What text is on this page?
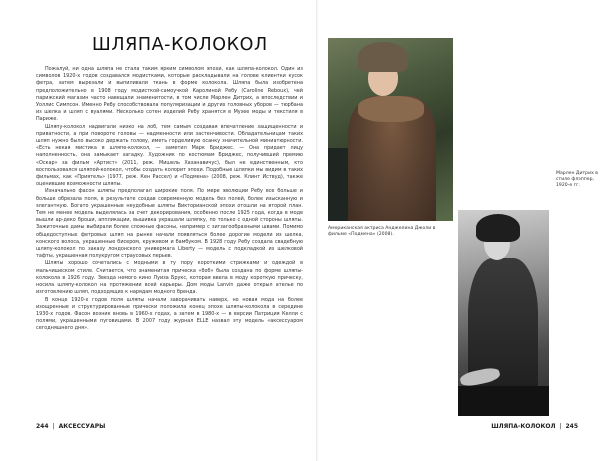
ШЛЯПА-КОЛОКОЛ

Пожалуй, ни одна шляпа не стала таким ярким символом эпохи, как шляпа-колокол. Один из символов 1920-х годов создавался модистками, которые раскладывали на голове клиентки кусок фетра, затем вырезали и выпиливали ткань в форме колокола. Шляпа была изобретена предположительно в 1908 году модисткой-самоучкой Каролиной Ребу (Caroline Reboux), чей парижский магазин часто навещали знаменитости, в том числе Марлен Дитрих, а впоследствии и Уоллис Симпсон. Именно Ребу способствовала популяризации и других головных уборов — тюрбана из шелка и шляп с вуалями. Несколько сотен изделий Ребу хранятся в Музее моды и текстиля в Париже.

Шляпу-колокол надвигали низко на лоб, тем самым создавая впечатление защищенности и приватности, а при повороте головы — надменности или застенчивости. Обладательницам таких шляп нужно было высоко держать голову, иметь горделивую осанку значительной миниатюрности. «Есть некая мистика в шляпе-колокол, — заметил Марк Бриджес. — Она придает лицу наполненность, она замыкает загадку. Художник по костюмам Бриджес, получивший премию «Оскар» за фильм «Артист» (2011, реж. Мишель Хазанавичус), был не единственным, кто воспользовался шляпой-колокол, чтобы создать колорит эпохи. Подобные шляпки мы видим в таких фильмах, как «Приятель» (1977, реж. Кен Рассел) и «Подмена» (2008, реж. Клинт Иствуд), также оценившие возможности шляпы.

Изначально фасон шляпы предполагал широкие поля. По мере эволюции Ребу все больше и больше обрезала поля, в результате создав современную модель без полей, более изысканную и элегантную. Богато украшенные неудобные шляпы Викторианской эпохи отошли на второй план. Тем не менее модель выделялась за счет декорирования, особенно после 1925 года, когда в моде вышли ар-деко броши, аппликации, вышивка украшали шляпку, по только с одной стороны шляпы. Зажиточные дамы выбирали более сложные фасоны, например с зигзагообразными швами. Помимо общедоступных фетровых шляп на рынке начали появляться более дорогие модели из шелка, конского волоса, украшенные бисером, кружевом и бамбуком. В 1928 году Ребу создала свадебную шляпу-колокол по заказу лондонского универмага Liberty — модель с подкладкой из шелковой тафты, украшенная полукругом страусовых перьев.

Шляпы хорошо сочетались с модными в ту пору короткими стрижками и одеждой в мальчишеском стиле. Считается, что знаменитая прическа «боб» была создана по форме шляпы-колокола в 1926 году. Звезда немого кино Луиза Брукс, которая ввела в моду короткую прическу, носила шляпу-колокол на протяжении всей карьеры. Дом моды Lanvin даже открыл ателье по изготовлению шляп, подходящих к нарядам модного бренда.

В конце 1920-х годов поля шляпы начали заворачивать наверх, но новая мода на более изощренные и структурированные прически положила конец эпохе шляпы-колокола в середине 1930-х годов. Фасон возник вновь в 1960-х годах, а затем в 1980-х — в версии Патриция Келли с полями, украшенными пуговицами. В 2007 году журнал ELLE назвал эту модель «аксессуаром сегодняшнего дня».

244 | АКСЕССУАРЫ
Американская актриса Анджелина Джоли в фильме «Подмена» (2008).
Марлен Дитрих в стиле флэппер, 1920-е гг.
ШЛЯПА-КОЛОКОЛ | 245
